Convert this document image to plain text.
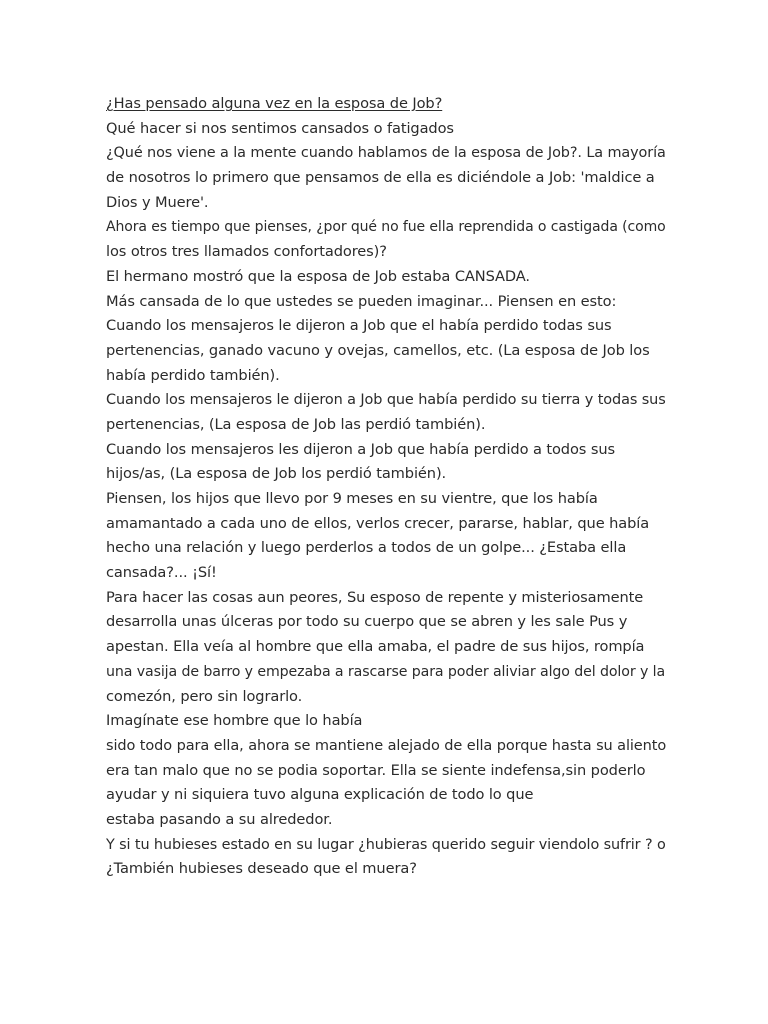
¿Has pensado alguna vez en la esposa de Job?
Qué hacer si nos sentimos cansados o fatigados
¿Qué nos viene a la mente cuando hablamos de la esposa de Job?. La mayoría
de nosotros lo primero que pensamos de ella es diciéndole a Job: 'maldice a
Dios y Muere'.
Ahora es tiempo que pienses, ¿por qué no fue ella reprendida o castigada (como
los otros tres llamados confortadores)?
El hermano mostró que la esposa de Job estaba CANSADA.
Más cansada de lo que ustedes se pueden imaginar... Piensen en esto:
Cuando los mensajeros le dijeron a Job que el había perdido todas sus
pertenencias, ganado vacuno y ovejas, camellos, etc. (La esposa de Job los
había perdido también).
Cuando los mensajeros le dijeron a Job que había perdido su tierra y todas sus
pertenencias, (La esposa de Job las perdió también).
Cuando los mensajeros les dijeron a Job que había perdido a todos sus
hijos/as, (La esposa de Job los perdió también).
Piensen, los hijos que llevo por 9 meses en su vientre, que los había
amamantado a cada uno de ellos, verlos crecer, pararse, hablar, que había
hecho una relación y luego perderlos a todos de un golpe... ¿Estaba ella
cansada?... ¡Sí!
Para hacer las cosas aun peores, Su esposo de repente y misteriosamente
desarrolla unas úlceras por todo su cuerpo que se abren y les sale Pus y
apestan. Ella veía al hombre que ella amaba, el padre de sus hijos, rompía
una vasija de barro y empezaba a rascarse para poder aliviar algo del dolor y la
comezón, pero sin lograrlo.
Imagínate ese hombre que lo había
sido todo para ella, ahora se mantiene alejado de ella porque hasta su aliento
era tan malo que no se podia soportar. Ella se siente indefensa,sin poderlo
ayudar y ni siquiera tuvo alguna explicación de todo lo que
estaba pasando a su alrededor.
Y si tu hubieses estado en su lugar ¿hubieras querido seguir viendolo sufrir ? o
¿También hubieses deseado que el muera?
